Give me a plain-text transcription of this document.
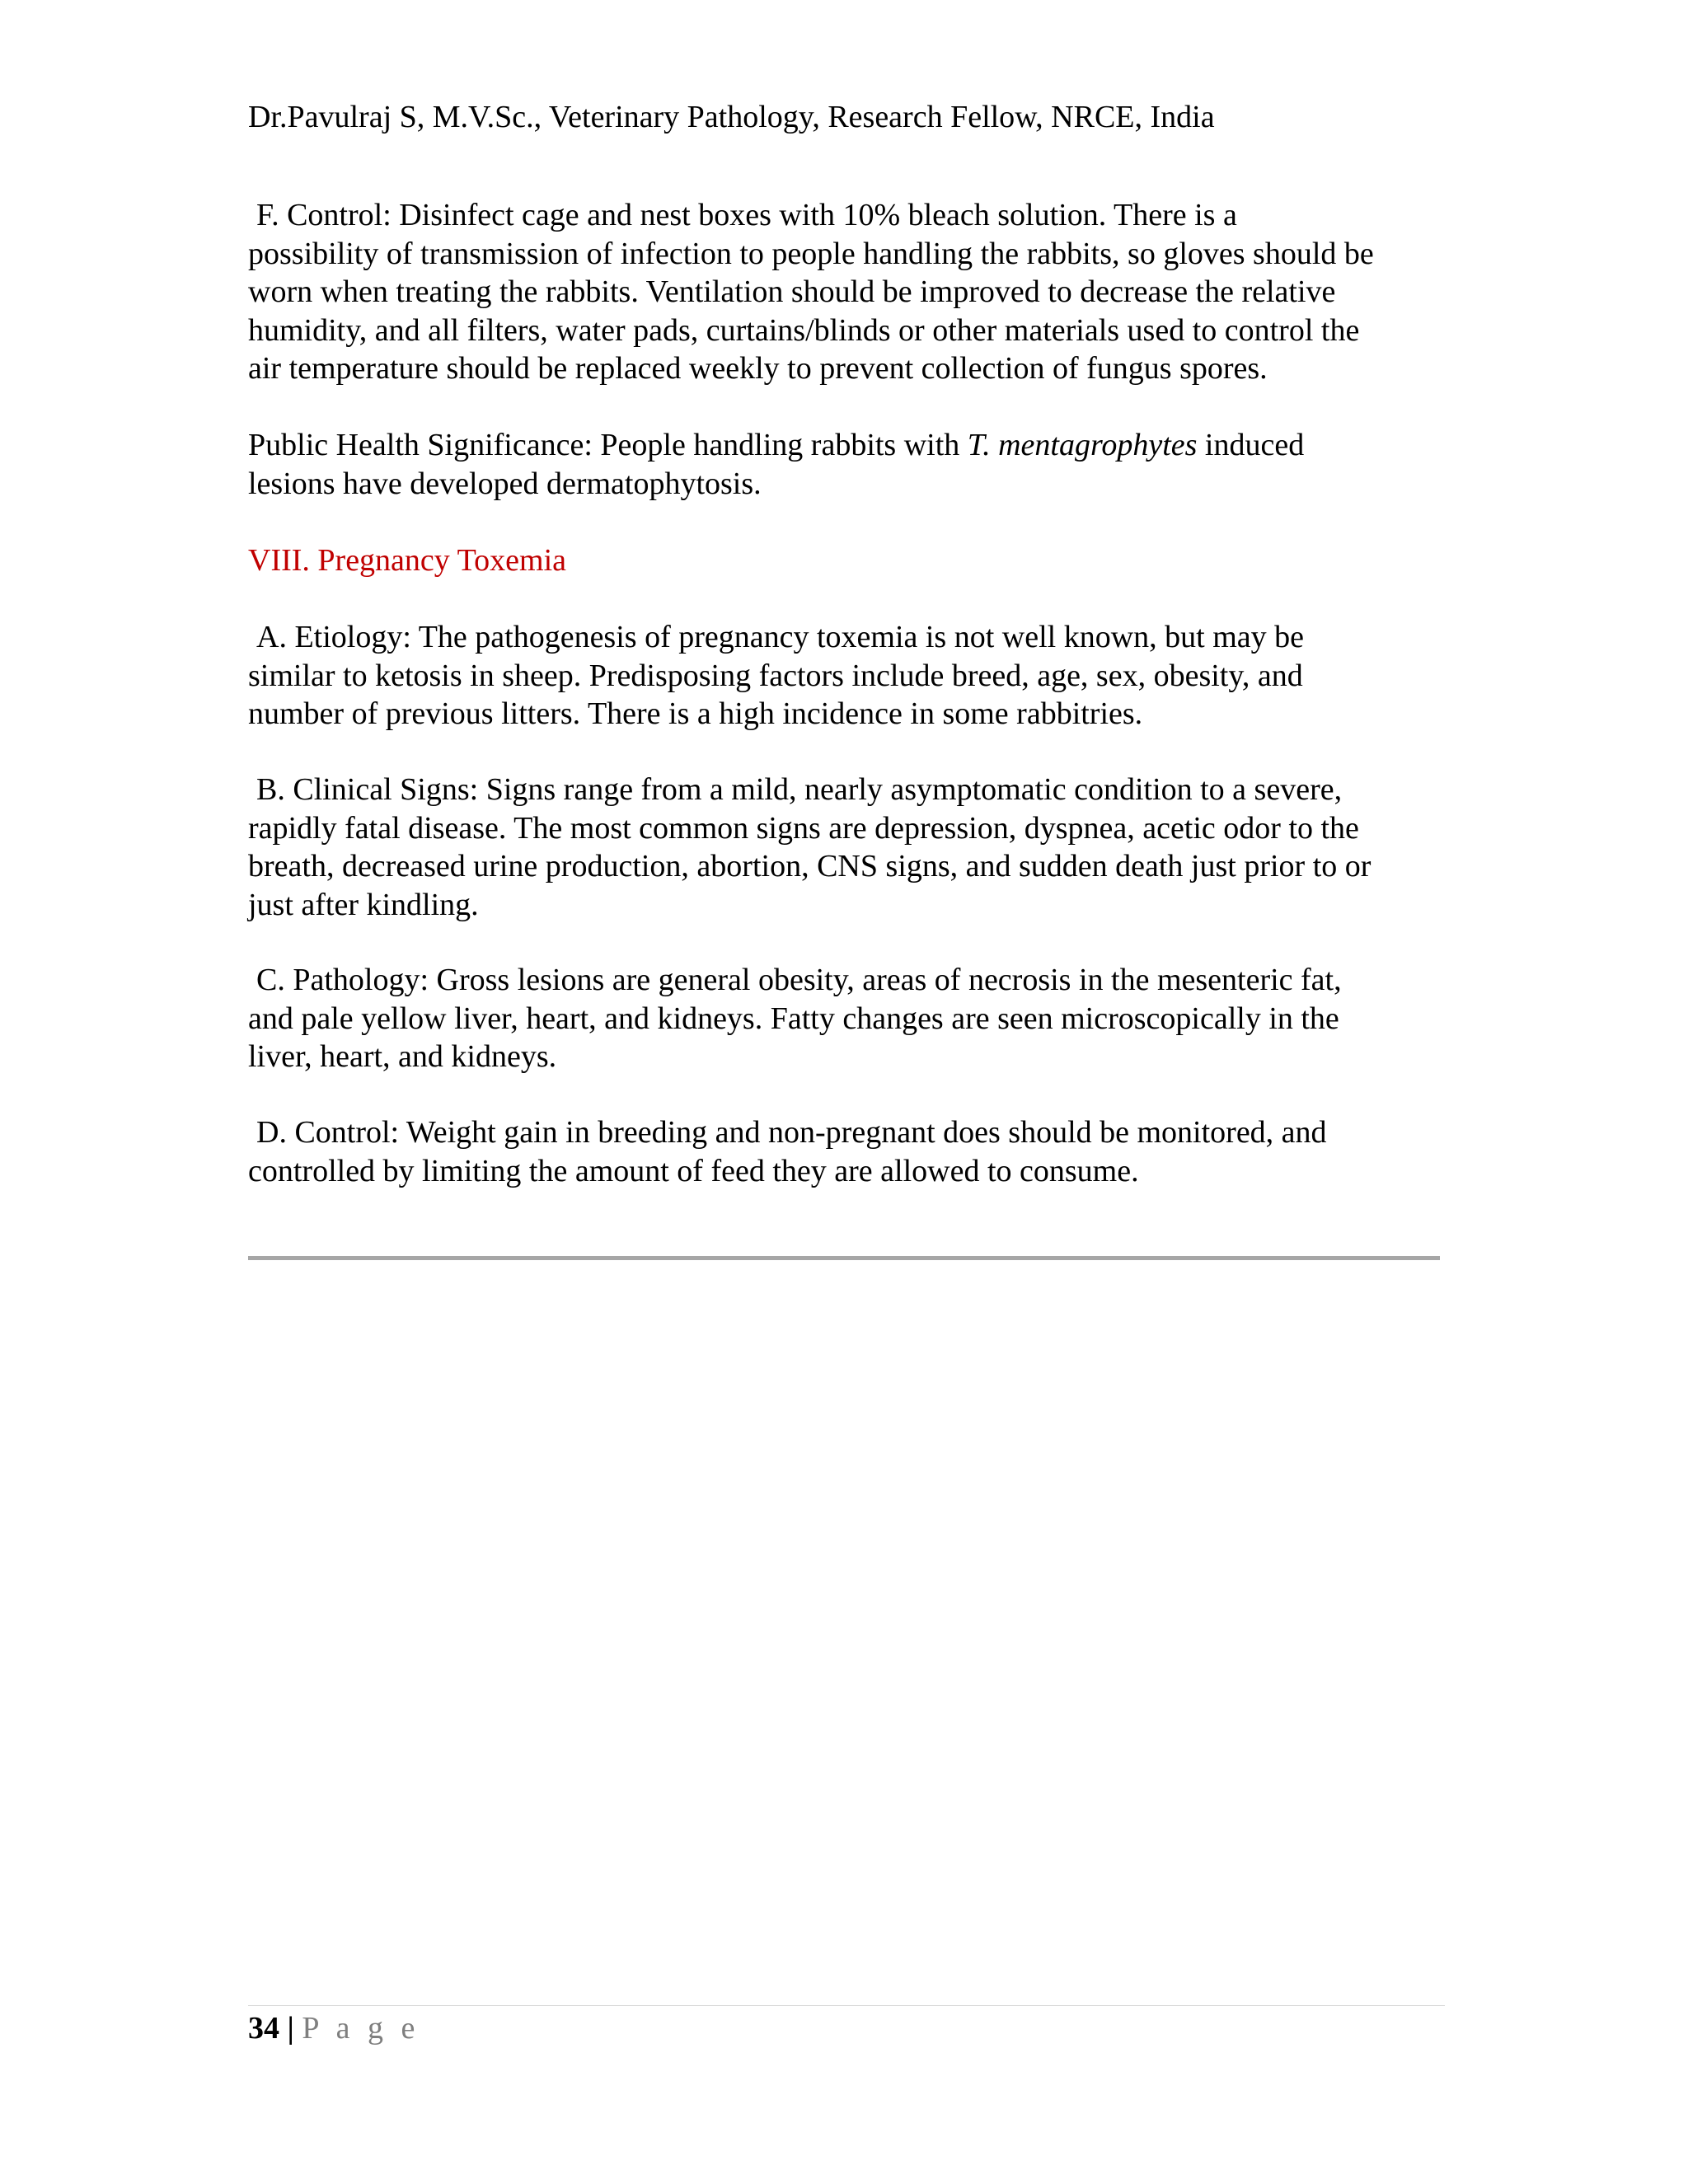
Dr.Pavulraj S, M.V.Sc., Veterinary Pathology, Research Fellow, NRCE, India
F. Control: Disinfect cage and nest boxes with 10% bleach solution. There is a
possibility of transmission of infection to people handling the rabbits, so gloves should be
worn when treating the rabbits. Ventilation should be improved to decrease the relative
humidity, and all filters, water pads, curtains/blinds or other materials used to control the
air temperature should be replaced weekly to prevent collection of fungus spores.
Public Health Significance: People handling rabbits with T. mentagrophytes induced
lesions have developed dermatophytosis.
VIII. Pregnancy Toxemia
A. Etiology: The pathogenesis of pregnancy toxemia is not well known, but may be
similar to ketosis in sheep. Predisposing factors include breed, age, sex, obesity, and
number of previous litters. There is a high incidence in some rabbitries.
B. Clinical Signs: Signs range from a mild, nearly asymptomatic condition to a severe,
rapidly fatal disease. The most common signs are depression, dyspnea, acetic odor to the
breath, decreased urine production, abortion, CNS signs, and sudden death just prior to or
just after kindling.
C. Pathology: Gross lesions are general obesity, areas of necrosis in the mesenteric fat,
and pale yellow liver, heart, and kidneys. Fatty changes are seen microscopically in the
liver, heart, and kidneys.
D. Control: Weight gain in breeding and non-pregnant does should be monitored, and
controlled by limiting the amount of feed they are allowed to consume.
34 | P a g e
